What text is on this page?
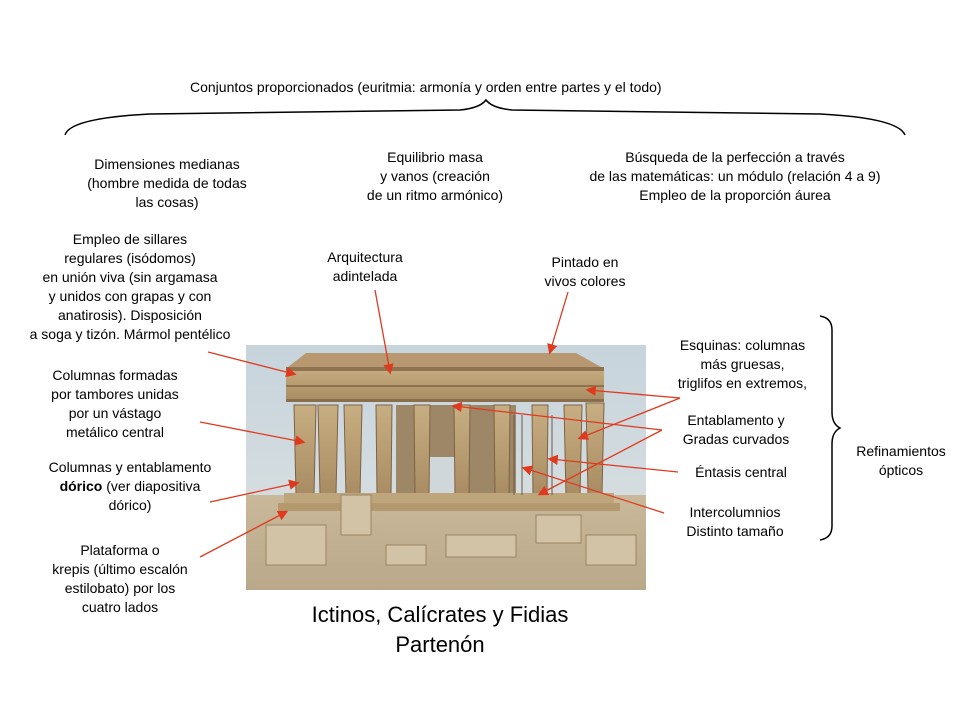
Conjuntos proporcionados (euritmia: armonía y orden entre partes y el todo)
Dimensiones medianas
(hombre medida de todas
las cosas)
Equilibrio masa
y vanos (creación
de un ritmo armónico)
Búsqueda de la perfección a través
de las matemáticas: un módulo (relación 4 a 9)
Empleo de la proporción áurea
Empleo de sillares
regulares (isódomos)
en unión viva (sin argamasa
y unidos con grapas y con
anatirosis). Disposición
a soga y tizón. Mármol pentélico
Arquitectura
adintelada
Pintado en
vivos colores
Columnas formadas
por tambores unidas
por un vástago
metálico central
Columnas y entablamento
dórico (ver diapositiva
dórico)
Plataforma o
krepis (último escalón
estilobato) por los
cuatro lados
Esquinas: columnas
más gruesas,
triglifos en extremos,
Entablamento y
Gradas curvados
Éntasis central
Intercolumnios
Distinto tamaño
Refinamientos
ópticos
Ictinos, Calícrates y Fidias
Partenón
